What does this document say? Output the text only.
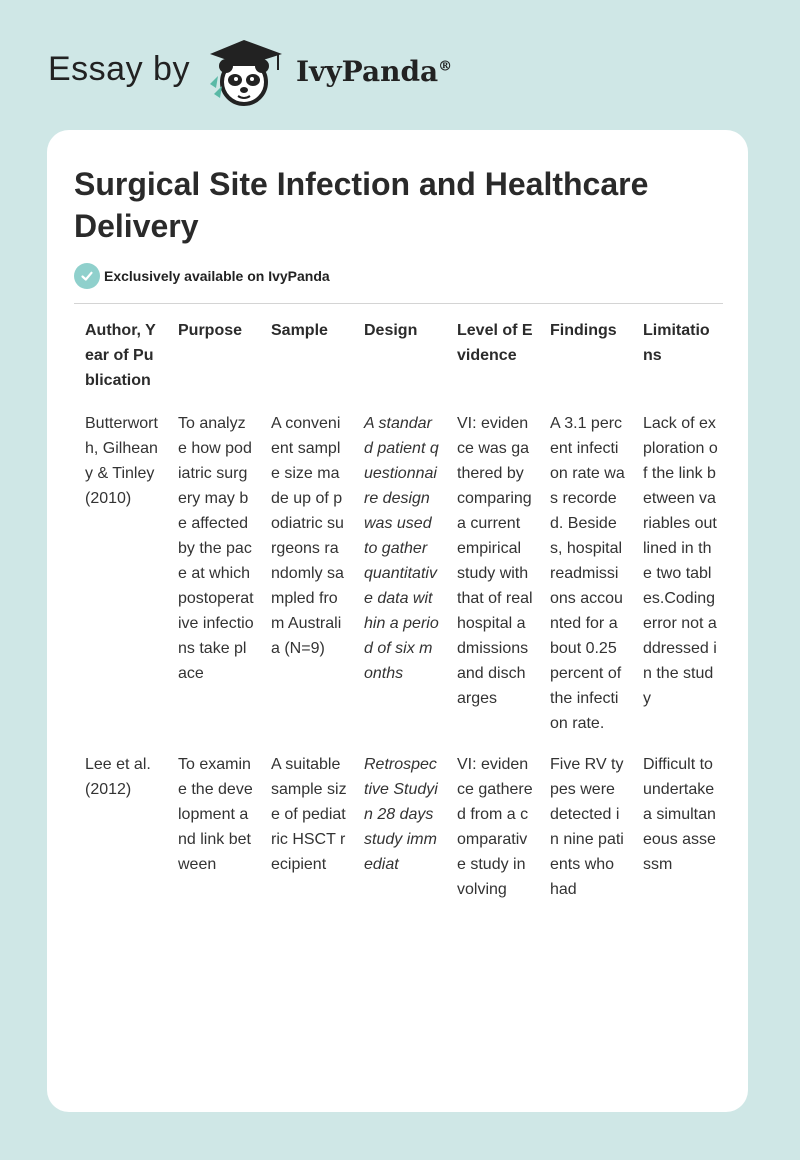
Essay by	IvyPanda®
Surgical Site Infection and Healthcare Delivery
Exclusively available on IvyPanda
Author, Year of Publication	Purpose	Sample	Design	Level of Evidence	Findings	Limitations
Butterworth, Gilheany & Tinley (2010)	To analyze how podiatric surgery may be affected by the pace at which postoperative infections take place	A convenient sample size made up of podiatric surgeons randomly sampled from Australia (N=9)	A standard patient questionnaire designwas used to gather quantitative data within a period of six months	VI: evidence was gathered by comparing a current empirical study with that of real hospital admissions and discharges	A 3.1 percent infection rate was recorded. Besides, hospital readmissions accounted for about 0.25 percent of the infection rate.	Lack of exploration of the link between variables outlined in the two tables.Coding error not addressed in the study
Lee et al. (2012)	To examine the development and link between	A suitable sample size of pediatric HSCT recipient	Retrospective Studyin 28 daysstudy immediat	VI: evidence gathered from a comparative study involving	Five RV types were detected in nine patients who had	Difficult to undertake a simultaneous assessm
